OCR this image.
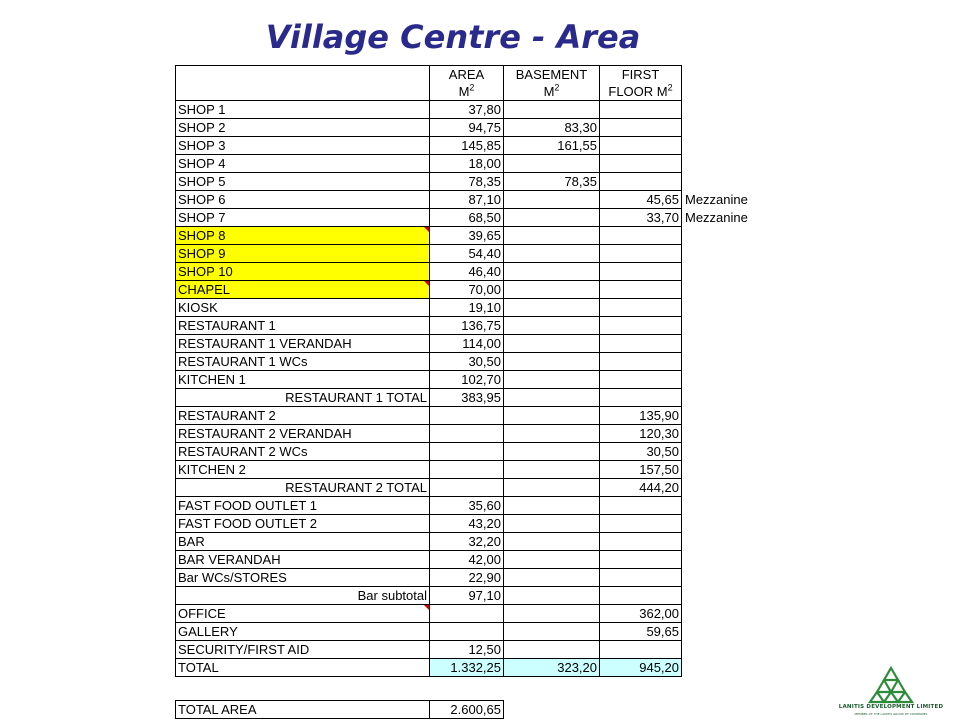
Village Centre - Area
	AREA	BASEMENT	FIRST	
	$M^2$	$M^2$	FLOOR $M^2$	
SHOP 1	37,80			
SHOP 2	94,75	83,30		
SHOP 3	145,85	161,55		
SHOP 4	18,00			
SHOP 5	78,35	78,35		
SHOP 6	87,10		45,65	Mezzanine
SHOP 7	68,50		33,70	Mezzanine
SHOP 8	39,65			
SHOP 9	54,40			
SHOP 10	46,40			
CHAPEL	70,00			
KIOSK	19,10			
RESTAURANT 1	136,75			
RESTAURANT 1 VERANDAH	114,00			
RESTAURANT 1 WCs	30,50			
KITCHEN 1	102,70			
RESTAURANT 1 TOTAL	383,95			
RESTAURANT 2			135,90	
RESTAURANT 2 VERANDAH			120,30	
RESTAURANT 2 WCs			30,50	
KITCHEN 2			157,50	
RESTAURANT 2 TOTAL			444,20	
FAST FOOD OUTLET 1	35,60			
FAST FOOD OUTLET 2	43,20			
BAR	32,20			
BAR VERANDAH	42,00			
Bar WCs/STORES	22,90			
Bar subtotal	97,10			
OFFICE			362,00	
GALLERY			59,65	
SECURITY/FIRST AID	12,50			
TOTAL	1.332,25	323,20	945,20	
TOTAL AREA	2.600,65	LANITIS DEVELOPMENT LIMITED
MEMBER OF THE LANITIS GROUP OF COMPANIES
